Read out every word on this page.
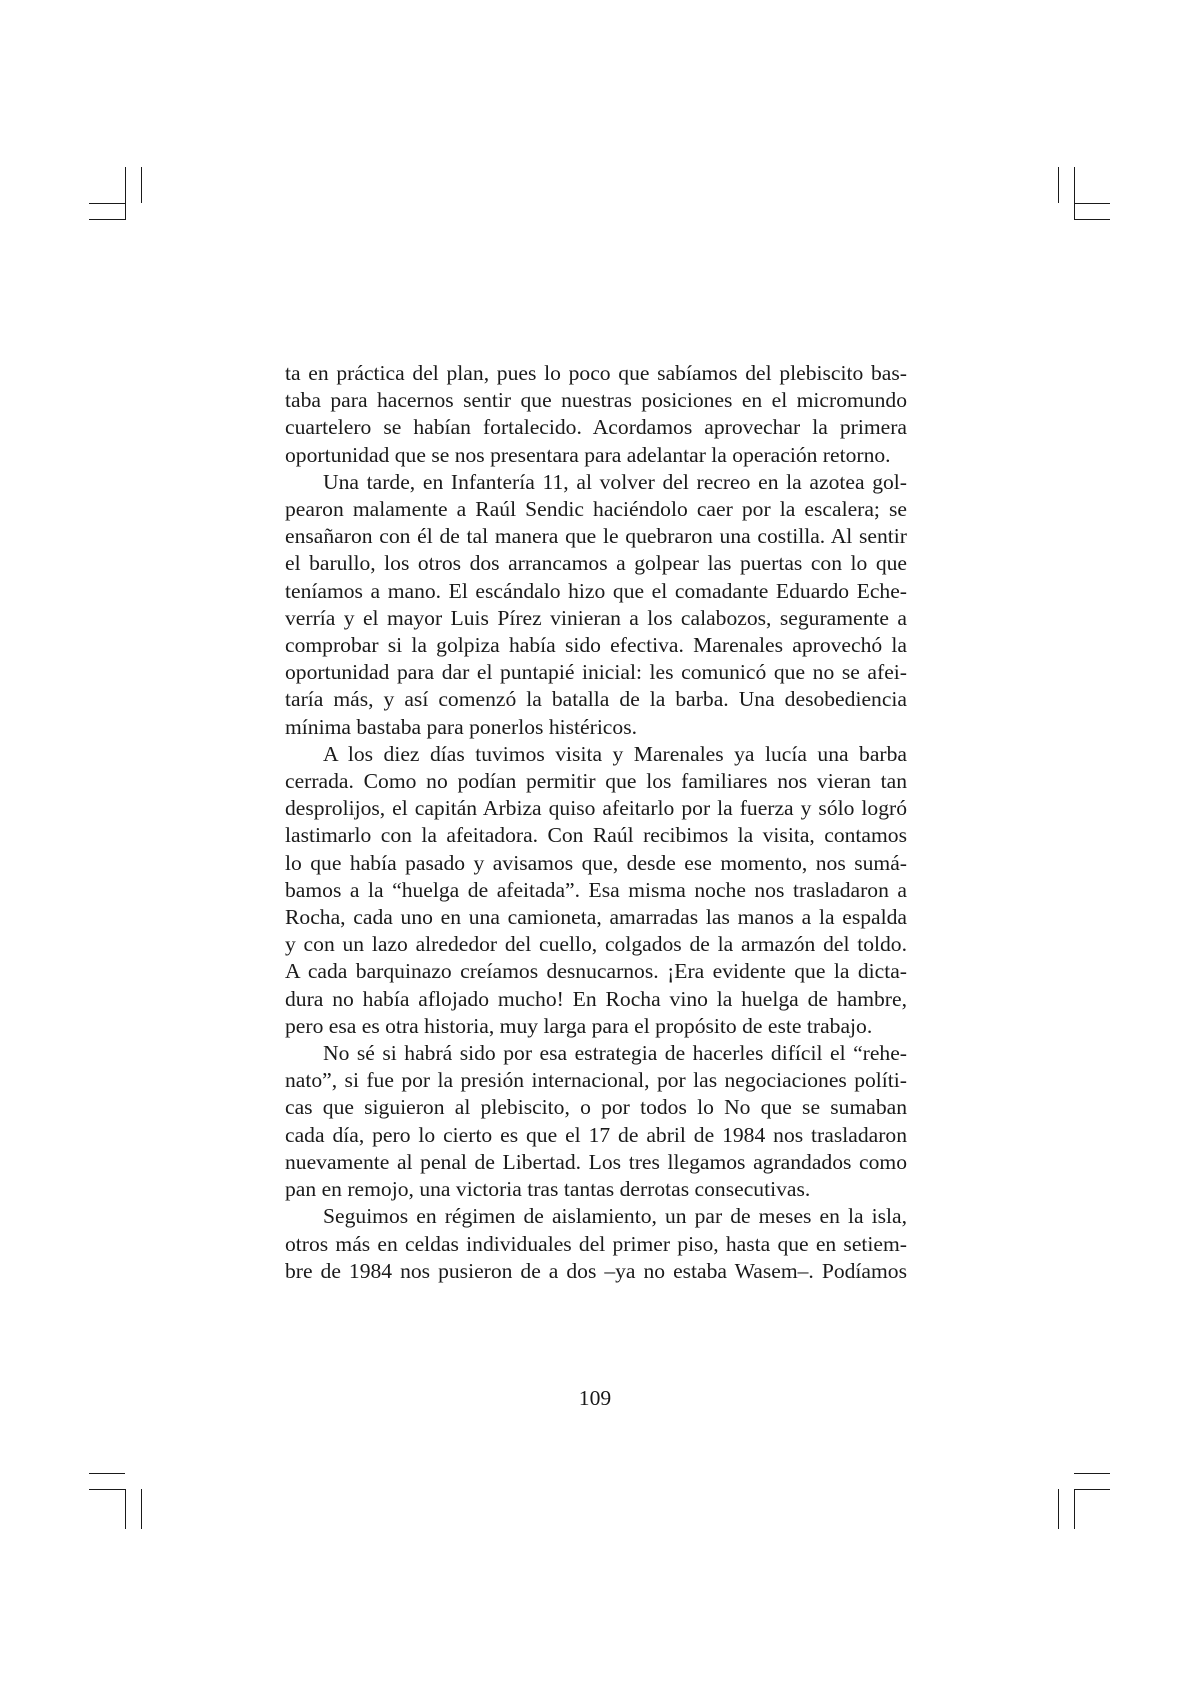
ta en práctica del plan, pues lo poco que sabíamos del plebiscito bas-
taba para hacernos sentir que nuestras posiciones en el micromundo
cuartelero se habían fortalecido. Acordamos aprovechar la primera
oportunidad que se nos presentara para adelantar la operación retorno.
Una tarde, en Infantería 11, al volver del recreo en la azotea gol-
pearon malamente a Raúl Sendic haciéndolo caer por la escalera; se
ensañaron con él de tal manera que le quebraron una costilla. Al sentir
el barullo, los otros dos arrancamos a golpear las puertas con lo que
teníamos a mano. El escándalo hizo que el comadante Eduardo Eche-
verría y el mayor Luis Pírez vinieran a los calabozos, seguramente a
comprobar si la golpiza había sido efectiva. Marenales aprovechó la
oportunidad para dar el puntapié inicial: les comunicó que no se afei-
taría más, y así comenzó la batalla de la barba. Una desobediencia
mínima bastaba para ponerlos histéricos.
A los diez días tuvimos visita y Marenales ya lucía una barba
cerrada. Como no podían permitir que los familiares nos vieran tan
desprolijos, el capitán Arbiza quiso afeitarlo por la fuerza y sólo logró
lastimarlo con la afeitadora. Con Raúl recibimos la visita, contamos
lo que había pasado y avisamos que, desde ese momento, nos sumá-
bamos a la “huelga de afeitada”. Esa misma noche nos trasladaron a
Rocha, cada uno en una camioneta, amarradas las manos a la espalda
y con un lazo alrededor del cuello, colgados de la armazón del toldo.
A cada barquinazo creíamos desnucarnos. ¡Era evidente que la dicta-
dura no había aflojado mucho! En Rocha vino la huelga de hambre,
pero esa es otra historia, muy larga para el propósito de este trabajo.
No sé si habrá sido por esa estrategia de hacerles difícil el “rehe-
nato”, si fue por la presión internacional, por las negociaciones políti-
cas que siguieron al plebiscito, o por todos lo No que se sumaban
cada día, pero lo cierto es que el 17 de abril de 1984 nos trasladaron
nuevamente al penal de Libertad. Los tres llegamos agrandados como
pan en remojo, una victoria tras tantas derrotas consecutivas.
Seguimos en régimen de aislamiento, un par de meses en la isla,
otros más en celdas individuales del primer piso, hasta que en setiem-
bre de 1984 nos pusieron de a dos –ya no estaba Wasem–. Podíamos
109
